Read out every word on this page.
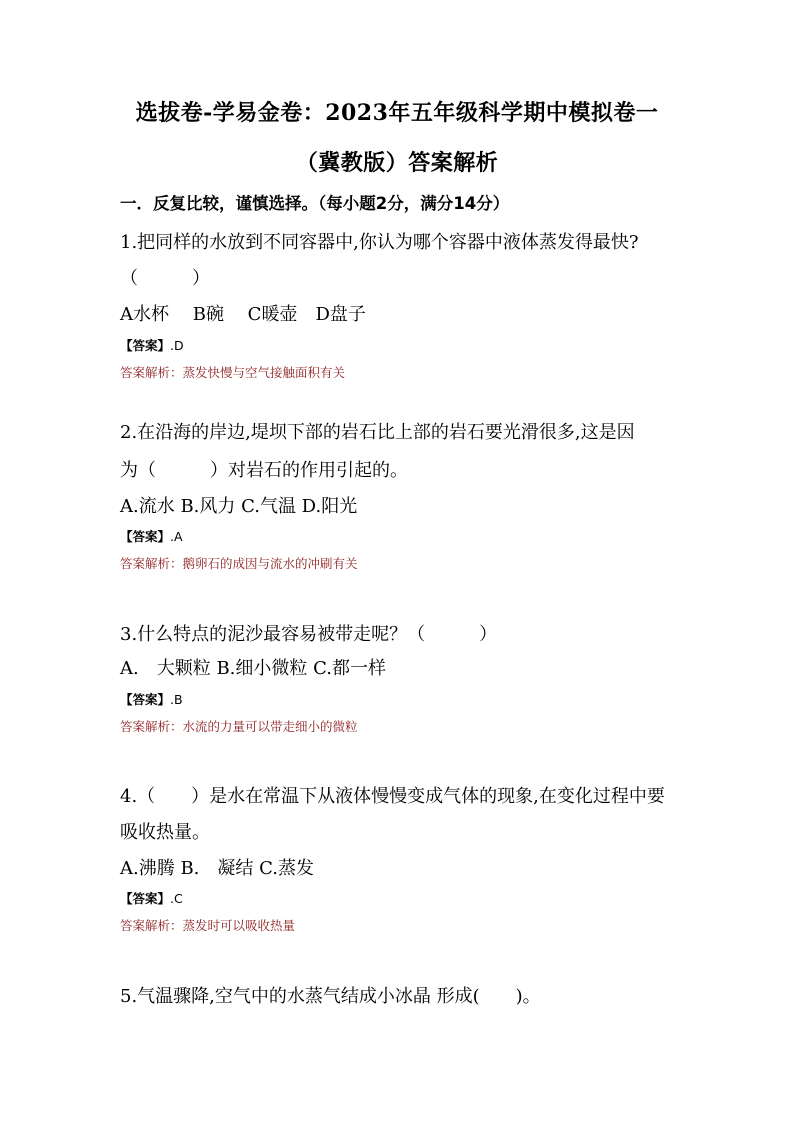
选拔卷-学易金卷：2023年五年级科学期中模拟卷一
（冀教版）答案解析
一．反复比较，谨慎选择。（每小题2分，满分14分）
1.把同样的水放到不同容器中,你认为哪个容器中液体蒸发得最快?
（　　　）
A水杯　 B碗　 C暖壶　D盘子
【答案】.D
答案解析：蒸发快慢与空气接触面积有关
2.在沿海的岸边,堤坝下部的岩石比上部的岩石要光滑很多,这是因
为（　　　）对岩石的作用引起的。
A.流水 B.风力 C.气温 D.阳光
【答案】.A
答案解析：鹅卵石的成因与流水的冲刷有关
3.什么特点的泥沙最容易被带走呢？（　　　）
A.　大颗粒 B.细小微粒 C.都一样
【答案】.B
答案解析：水流的力量可以带走细小的微粒
4.（　　）是水在常温下从液体慢慢变成气体的现象,在变化过程中要
吸收热量。
A.沸腾 B.　凝结 C.蒸发
【答案】.C
答案解析：蒸发时可以吸收热量
5.气温骤降,空气中的水蒸气结成小冰晶 形成(　　)。
